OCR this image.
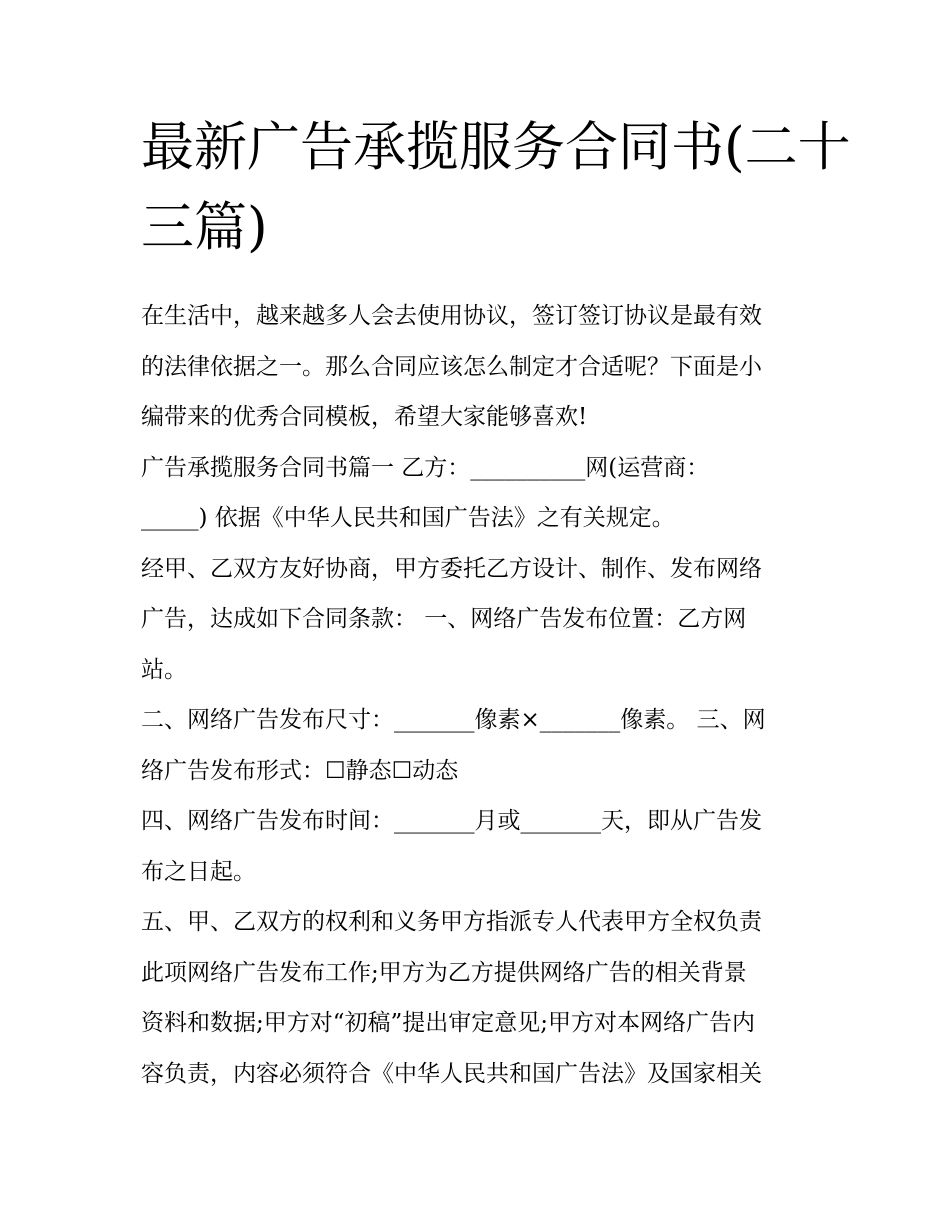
最新广告承揽服务合同书(二十
三篇)

在生活中，越来越多人会去使用协议，签订签订协议是最有效
的法律依据之一。那么合同应该怎么制定才合适呢？下面是小
编带来的优秀合同模板，希望大家能够喜欢!

广告承揽服务合同书篇一 乙方：__________网(运营商：
_____) 依据《中华人民共和国广告法》之有关规定。

经甲、乙双方友好协商，甲方委托乙方设计、制作、发布网络
广告，达成如下合同条款： 一、网络广告发布位置：乙方网
站。

二、网络广告发布尺寸：_______像素×_______像素。 三、网
络广告发布形式：☐静态☐动态

四、网络广告发布时间：_______月或_______天，即从广告发
布之日起。

五、甲、乙双方的权利和义务甲方指派专人代表甲方全权负责
此项网络广告发布工作;甲方为乙方提供网络广告的相关背景
资料和数据;甲方对“初稿”提出审定意见;甲方对本网络广告内
容负责，内容必须符合《中华人民共和国广告法》及国家相关
